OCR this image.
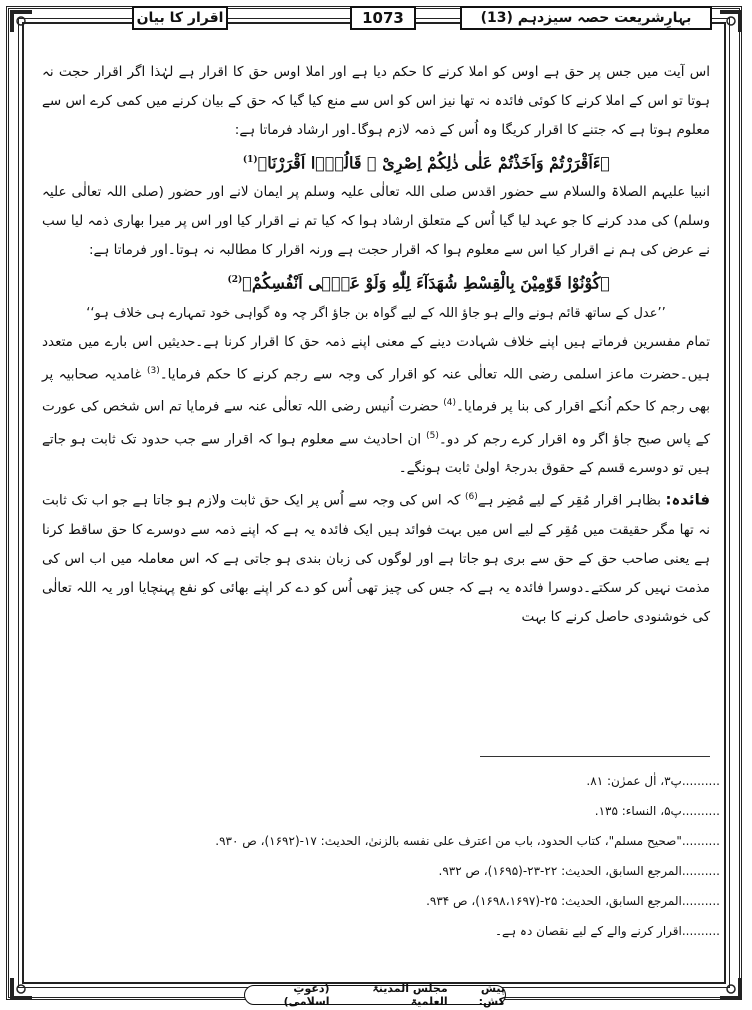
اقرار کا بیان	1073	بہارِشریعت حصہ سیزدہم (13)

اس آیت میں جس پر حق ہے اوس کو املا کرنے کا حکم دیا ہے اور املا اوس حق کا اقرار ہے لہٰذا اگر اقرار حجت نہ ہوتا تو اس کے املا کرنے کا کوئی فائدہ نہ تھا نیز اس کو اس سے منع کیا گیا کہ حق کے بیان کرنے میں کمی کرے اس سے معلوم ہوتا ہے کہ جتنے کا اقرار کریگا وہ اُس کے ذمہ لازم ہوگا۔اور ارشاد فرماتا ہے:

﴿ءَاَقْرَرْتُمْ وَاَخَذْتُمْ عَلٰی ذٰلِكُمْ اِصْرِیْ ۖ قَالُوْۤا اَقْرَرْنَا﴾$^{(1)}$

انبیا علیہم الصلاۃ والسلام سے حضور اقدس صلی اللہ تعالٰی علیہ وسلم پر ایمان لانے اور حضور (صلی اللہ تعالٰی علیہ وسلم) کی مدد کرنے کا جو عہد لیا گیا اُس کے متعلق ارشاد ہوا کہ کیا تم نے اقرار کیا اور اس پر میرا بھاری ذمہ لیا سب نے عرض کی ہم نے اقرار کیا اس سے معلوم ہوا کہ اقرار حجت ہے ورنہ اقرار کا مطالبہ نہ ہوتا۔اور فرماتا ہے:

﴿كُوْنُوْا قَوّٰمِيْنَ بِالْقِسْطِ شُهَدَآءَ لِلّٰهِ وَلَوْ عَلٰۤى اَنْفُسِكُمْ﴾$^{(2)}$
’’عدل کے ساتھ قائم ہونے والے ہو جاؤ اللہ کے لیے گواہ بن جاؤ اگر چہ وہ گواہی خود تمہارے ہی خلاف ہو‘‘

تمام مفسرین فرماتے ہیں اپنے خلاف شہادت دینے کے معنی اپنے ذمہ حق کا اقرار کرنا ہے۔حدیثیں اس بارے میں متعدد ہیں۔حضرت ماعز اسلمی رضی اللہ تعالٰی عنہ کو اقرار کی وجہ سے رجم کرنے کا حکم فرمایا۔$^{(3)}$ غامدیہ صحابیہ پر بھی رجم کا حکم اُنکے اقرار کی بنا پر فرمایا۔$^{(4)}$ حضرت اُنیس رضی اللہ تعالٰی عنہ سے فرمایا تم اس شخص کی عورت کے پاس صبح جاؤ اگر وہ اقرار کرے رجم کر دو۔$^{(5)}$ ان احادیث سے معلوم ہوا کہ اقرار سے جب حدود تک ثابت ہو جاتے ہیں تو دوسرے قسم کے حقوق بدرجۂ اولیٰ ثابت ہونگے۔

فائدہ: بظاہر اقرار مُقِر کے لیے مُضِر ہے$^{(6)}$ کہ اس کی وجہ سے اُس پر ایک حق ثابت ولازم ہو جاتا ہے جو اب تک ثابت نہ تھا مگر حقیقت میں مُقِر کے لیے اس میں بہت فوائد ہیں ایک فائدہ یہ ہے کہ اپنے ذمہ سے دوسرے کا حق ساقط کرنا ہے یعنی صاحب حق کے حق سے بری ہو جاتا ہے اور لوگوں کی زبان بندی ہو جاتی ہے کہ اس معاملہ میں اب اس کی مذمت نہیں کر سکتے۔دوسرا فائدہ یہ ہے کہ جس کی چیز تھی اُس کو دے کر اپنے بھائی کو نفع پہنچایا اور یہ اللہ تعالٰی کی خوشنودی حاصل کرنے کا بہت

..........پ۳، اٰل عمرٰن: ۸۱.
..........پ۵، النساء: ۱۳۵.
.........."صحیح مسلم"، کتاب الحدود، باب من اعترف علی نفسه بالزنیٰ، الحدیث: ۱۷-(۱۶۹۲)، ص ۹۳۰.
..........المرجع السابق، الحدیث: ۲۲-۲۳-(۱۶۹۵)، ص ۹۳۲.
..........المرجع السابق، الحدیث: ۲۵-(۱۶۹۸،۱۶۹۷)، ص ۹۳۴.
..........اقرار کرنے والے کے لیے نقصان دہ ہے۔
پیش کش:

مجلس المدینۃ العلمیۃ

(دعوتِ اسلامی)
